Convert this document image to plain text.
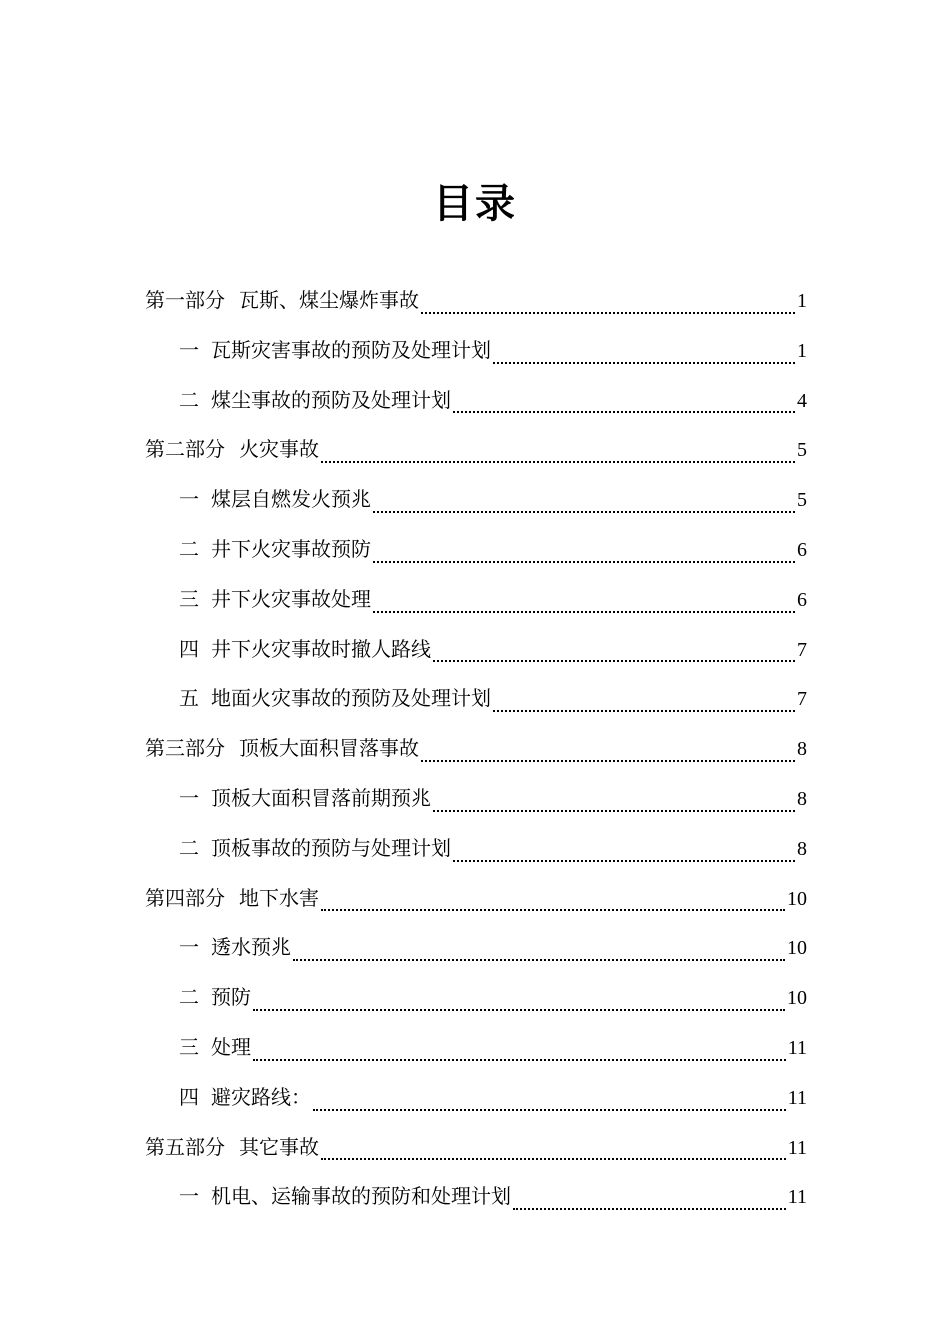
目录
第一部分 瓦斯、煤尘爆炸事故	1
一 瓦斯灾害事故的预防及处理计划	1
二 煤尘事故的预防及处理计划	4
第二部分 火灾事故	5
一 煤层自燃发火预兆	5
二 井下火灾事故预防	6
三 井下火灾事故处理	6
四 井下火灾事故时撤人路线	7
五 地面火灾事故的预防及处理计划	7
第三部分 顶板大面积冒落事故	8
一 顶板大面积冒落前期预兆	8
二 顶板事故的预防与处理计划	8
第四部分 地下水害	10
一 透水预兆	10
二 预防	10
三 处理	11
四 避灾路线：	11
第五部分 其它事故	11
一 机电、运输事故的预防和处理计划	11
